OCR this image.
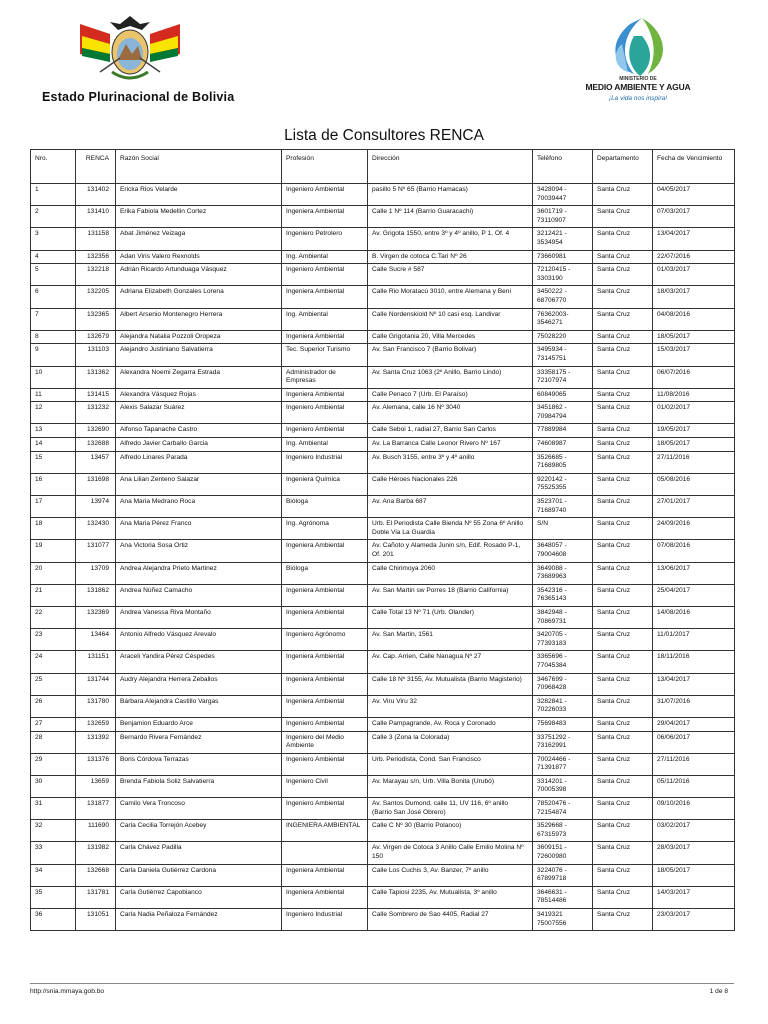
Estado Plurinacional de Bolivia
MINISTERIO DE
MEDIO AMBIENTE Y AGUA
¡La vida nos inspira!
Lista de Consultores RENCA
Nro.	RENCA	Razón Social	Profesión	Dirección	Teléfono	Departamento	Fecha de Vencimiento
1	131402	Ericka Rios Velarde	Ingeniero Ambiental	pasillo 5 Nº 65 (Barrio Hamacas)	3428094 - 70039447	Santa Cruz	04/05/2017
2	131410	Erika Fabiola Medellin Cortez	Ingeniera Ambiental	Calle 1 Nº 114 (Barrio Guaracachi)	3601719 - 73110907	Santa Cruz	07/03/2017
3	131158	Abat Jiménez Veizaga	Ingeniero Petrolero	Av. Grigota 1550, entre 3º y 4º anillo, P 1, Of. 4	3212421 - 3534954	Santa Cruz	13/04/2017
4	132356	Adan Viris Valero Rexnolds	Ing. Ambiental	B. Virgen de cotoca C.Tari Nº 26	73660981	Santa Cruz	22/07/2016
5	132218	Adrián Ricardo Artunduaga Vásquez	Ingeniero Ambiental	Calle Sucre # 587	72120415 - 3303190	Santa Cruz	01/03/2017
6	132205	Adriana Elizabeth Gonzales Lorena	Ingeniera Ambiental	Calle Rio Moratacú 3010, entre Alemana y Beni	3450222 - 68706770	Santa Cruz	18/03/2017
7	132365	Albert Arsenio Montenegro Herrera	Ing. Ambiental	Calle Nordenskiold Nº 10 casi esq. Landivar	76362003- 3546271	Santa Cruz	04/08/2016
8	132679	Alejandra Natalia Pozzoli Oropeza	Ingeniera Ambiental	Calle Grigotania 20, Villa Mercedes	75028220	Santa Cruz	18/05/2017
9	131103	Alejandro Justiniano Salvatierra	Tec. Superior Turismo	Av. San Francisco 7 (Barrio Bolivar)	3495934 - 73145751	Santa Cruz	15/03/2017
10	131362	Alexandra Noemi Zegarra Estrada	Administrador de Empresas	Av. Santa Cruz 1063 (2º Anillo, Barrio Lindo)	33358175 - 72107974	Santa Cruz	06/07/2016
11	131415	Alexandra Vásquez Rojas	Ingeniera Ambiental	Calle Penaco 7 (Urb. El Paraíso)	60849065	Santa Cruz	11/08/2016
12	131232	Alexis Salazar Suárez	Ingeniero Ambiental	Av. Alemana, calle 16 Nº 3040	3451862 - 70984794	Santa Cruz	01/02/2017
13	132690	Alfonso Tapanache Castro	Ingeniero Ambiental	Calle Seboi 1, radial 27, Barrio San Carlos	77889984	Santa Cruz	19/05/2017
14	132688	Alfredo Javier Carballo Garcia	Ing. Ambiental	Av. La Barranca Calle Leonor Rivero Nº 167	74608987	Santa Cruz	18/05/2017
15	13457	Alfredo Linares Parada	Ingeniero Industrial	Av. Busch 3155, entre 3º y 4º anillo	3526685 - 71689805	Santa Cruz	27/11/2016
16	131698	Ana Lilian Zenteno Salazar	Ingeniera Química	Calle Héroes Nacionales 226	9220142 - 75525355	Santa Cruz	05/08/2016
17	13974	Ana Maria Medrano Roca	Bióloga	Av. Ana Barba 687	3523701 - 71689740	Santa Cruz	27/01/2017
18	132430	Ana Maria Pérez Franco	Ing. Agrónoma	Urb. El Periodista Calle Bienda Nº 55 Zona 6º Anillo Doble Via La Guardia	S/N	Santa Cruz	24/09/2016
19	131077	Ana Victoria Sosa Ortiz	Ingeniera Ambiental	Av. Cañoto y Alameda Junin s/n, Edif. Rosado P-1, Of. 201	3648057 - 79004608	Santa Cruz	07/08/2016
20	13709	Andrea Alejandra Prieto Martinez	Bióloga	Calle Chirimoya 2060	3649088 - 73689963	Santa Cruz	13/06/2017
21	131862	Andrea Núñez Camacho	Ingeniera Ambiental	Av. San Martin sw Porres 18 (Barrio California)	3542316 - 76365143	Santa Cruz	25/04/2017
22	132369	Andrea Vanessa Riva Montaño	Ingeniera Ambiental	Calle Total 13 Nº 71 (Urb. Olander)	3842948 - 70869731	Santa Cruz	14/08/2016
23	13464	Antonio Alfredo Vásquez Arevalo	Ingeniero Agrónomo	Av. San Martin, 1561	3420705 - 77393183	Santa Cruz	11/01/2017
24	131151	Araceli Yandira Pérez Céspedes	Ingeniera Ambiental	Av. Cap. Arrien, Calle Nanagua Nº 27	3365696 - 77045384	Santa Cruz	18/11/2016
25	131744	Audry Alejandra Herrera Zeballos	Ingeniera Ambiental	Calle 18 Nº 3155, Av. Mutualista (Barrio Magisterio)	3467699 - 70968428	Santa Cruz	13/04/2017
26	131780	Bárbara Alejandra Castillo Vargas	Ingeniera Ambiental	Av. Viru Viru 32	3282841 - 70226033	Santa Cruz	31/07/2016
27	132659	Benjamion Eduardo Arce	Ingeniero Ambiental	Calle Pampagrande, Av. Roca y Coronado	75698483	Santa Cruz	29/04/2017
28	131392	Bernardo Rivera Fernández	Ingeniero del Medio Ambiente	Calle 3 (Zona la Colorada)	33751292 - 73162991	Santa Cruz	06/06/2017
29	131376	Boris Córdova Terrazas	Ingeniero Ambiental	Urb. Periodista, Cond. San Francisco	70024466 - 71391877	Santa Cruz	27/11/2016
30	13659	Brenda Fabiola Soliz Salvatierra	Ingeniero Civil	Av. Marayau s/n, Urb. Villa Bonita (Urubó)	3314201 - 70005398	Santa Cruz	05/11/2016
31	131877	Camilo Vera Troncoso	Ingeniero Ambiental	Av. Santos Dumond, calle 11, UV 116, 6º anillo (Barrio San José Obrero)	78520476 - 72154874	Santa Cruz	09/10/2016
32	111690	Carla Cecilia Torrejón Acebey	INGENIERA AMBIENTAL	Calle C Nº 30 (Barrio Polanco)	3529668 - 67315973	Santa Cruz	03/02/2017
33	131982	Carla Chávez Padilla		Av. Virgen de Cotoca 3 Anillo Calle Emilio Molina Nº 150	3609151 - 72600980	Santa Cruz	28/03/2017
34	132668	Carla Daniela Gutiérrez Cardona	Ingeniera Ambiental	Calle Los Cuchis 3, Av. Banzer, 7º anillo	3224076 - 67899718	Santa Cruz	18/05/2017
35	131781	Carla Gutiérrez Capobianco	Ingeniera Ambiental	Calle Tapiosi 2235, Av. Mutualista, 3º anillo	3646631 - 78514486	Santa Cruz	14/03/2017
36	131051	Carla Nadia Peñaloza Fernández	Ingeniero Industrial	Calle Sombrero de Sao 4405, Radial 27	3419321 75007556	Santa Cruz	23/03/2017
http://snia.mmaya.gob.bo	1 de 8
